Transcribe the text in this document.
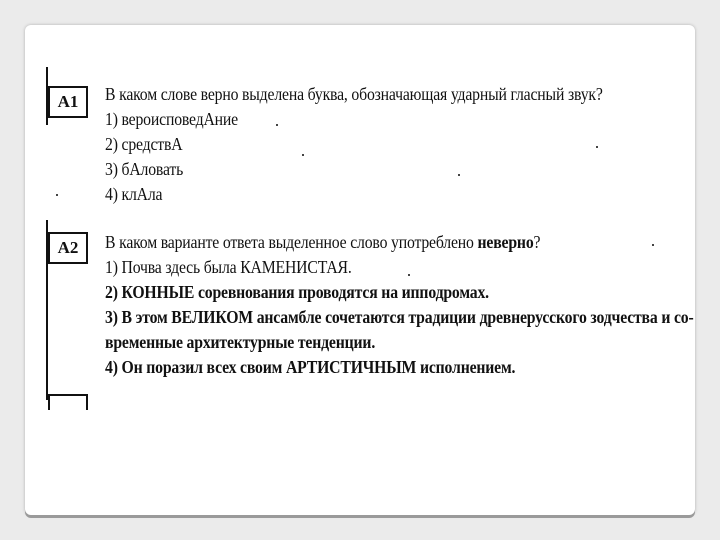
A1	В каком слове верно выделена буква, обозначающая ударный гласный звук?
1) вероисповедАние
2) средствА
3) бАловать
4) клАла
A2	В каком варианте ответа выделенное слово употреблено неверно?
1) Почва здесь была КАМЕНИСТАЯ.
2) КОННЫЕ соревнования проводятся на ипподромах.
3) В этом ВЕЛИКОМ ансамбле сочетаются традиции древнерусского зодчества и со-
временные архитектурные тенденции.
4) Он поразил всех своим АРТИСТИЧНЫМ исполнением.
